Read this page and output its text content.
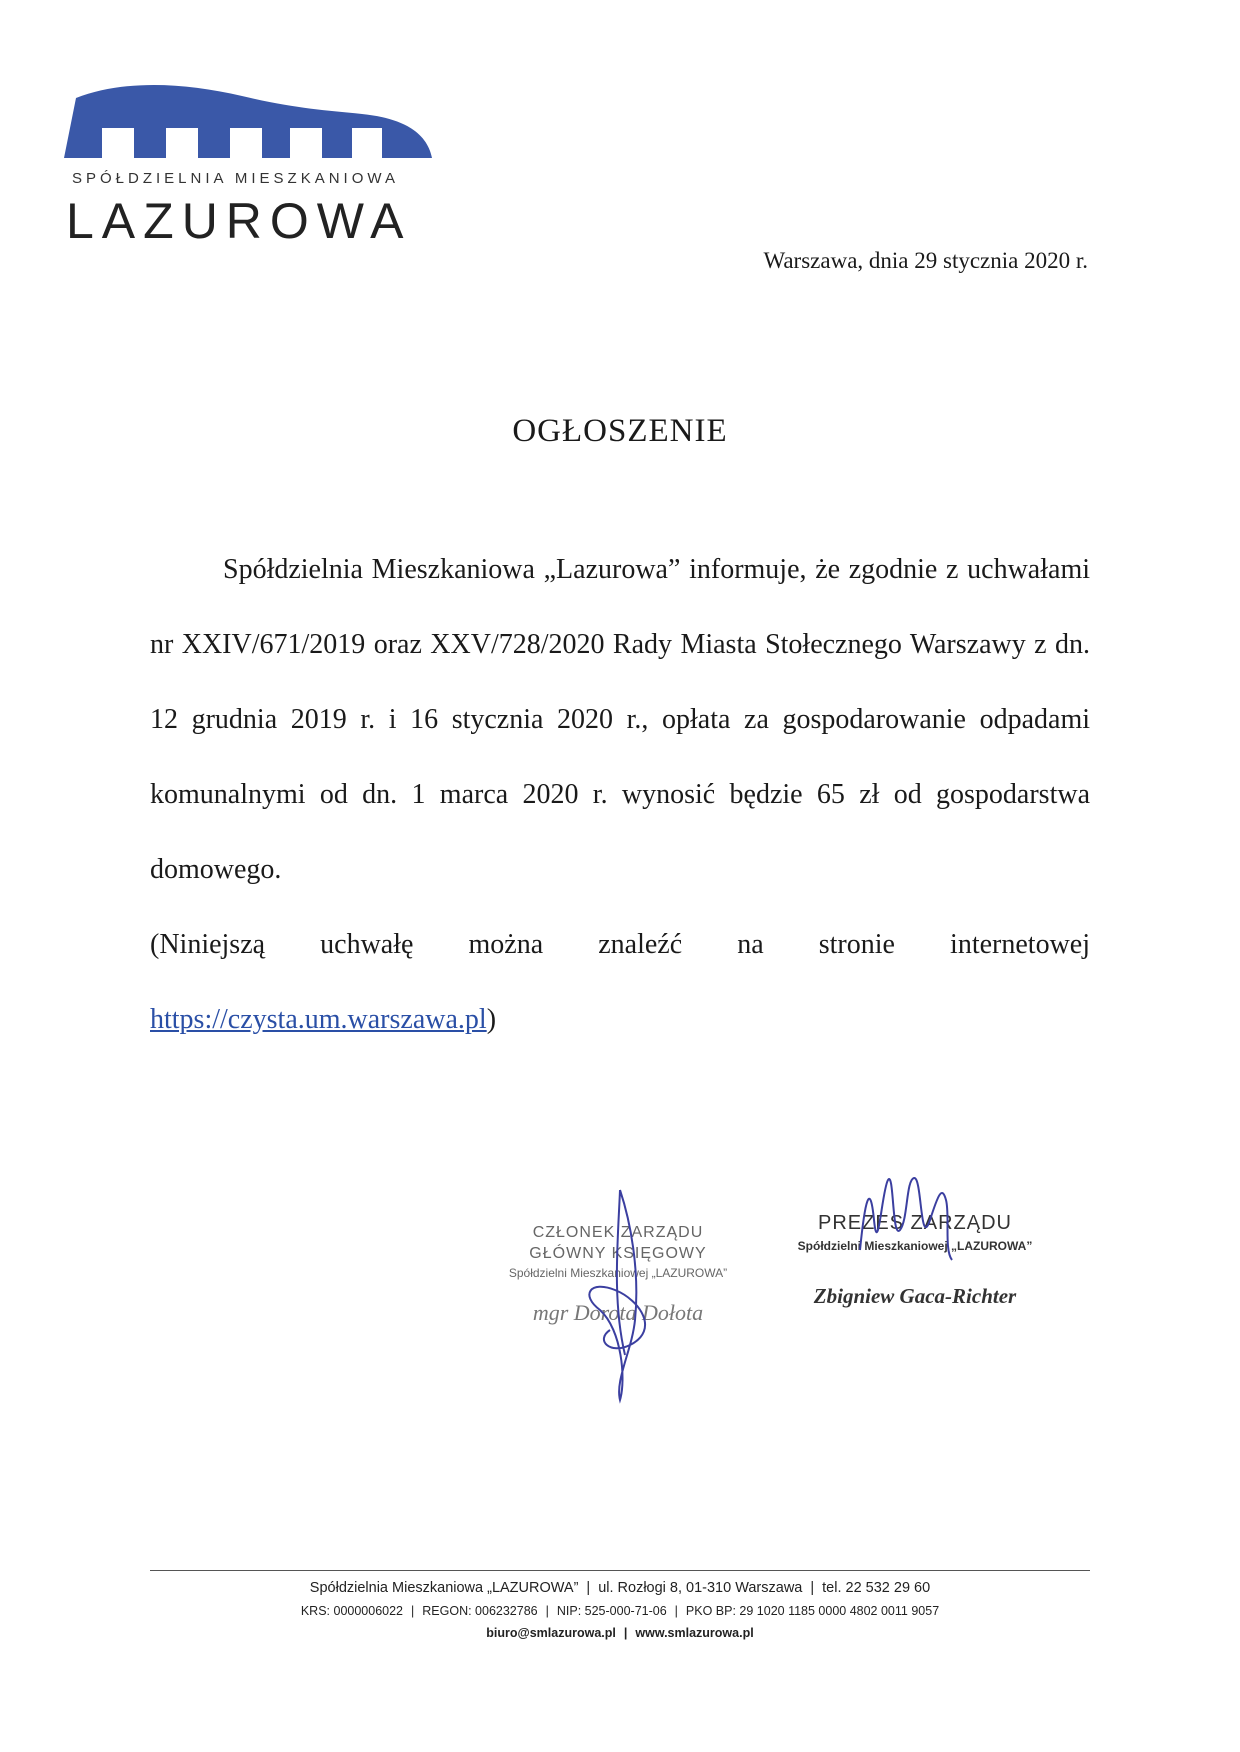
SPÓŁDZIELNIA MIESZKANIOWA
LAZUROWA
Warszawa, dnia 29 stycznia 2020 r.
OGŁOSZENIE

Spółdzielnia Mieszkaniowa „Lazurowa” informuje, że zgodnie z uchwałami nr XXIV/671/2019 oraz XXV/728/2020 Rady Miasta Stołecznego Warszawy z dn. 12 grudnia 2019 r. i 16 stycznia 2020 r., opłata za gospodarowanie odpadami komunalnymi od dn. 1 marca 2020 r. wynosić będzie 65 zł od gospodarstwa domowego.

(Niniejszą uchwałę można znaleźć na stronie internetowej

https://czysta.um.warszawa.pl)

CZŁONEK ZARZĄDU
GŁÓWNY KSIĘGOWY
Spółdzielni Mieszkaniowej „LAZUROWA”
mgr Dorota Dołota
PREZES ZARZĄDU
Spółdzielni Mieszkaniowej „LAZUROWA”
Zbigniew Gaca-Richter
Spółdzielnia Mieszkaniowa „LAZUROWA” | ul. Rozłogi 8, 01-310 Warszawa | tel. 22 532 29 60
KRS: 0000006022 | REGON: 006232786 | NIP: 525-000-71-06 | PKO BP: 29 1020 1185 0000 4802 0011 9057
biuro@smlazurowa.pl | www.smlazurowa.pl
